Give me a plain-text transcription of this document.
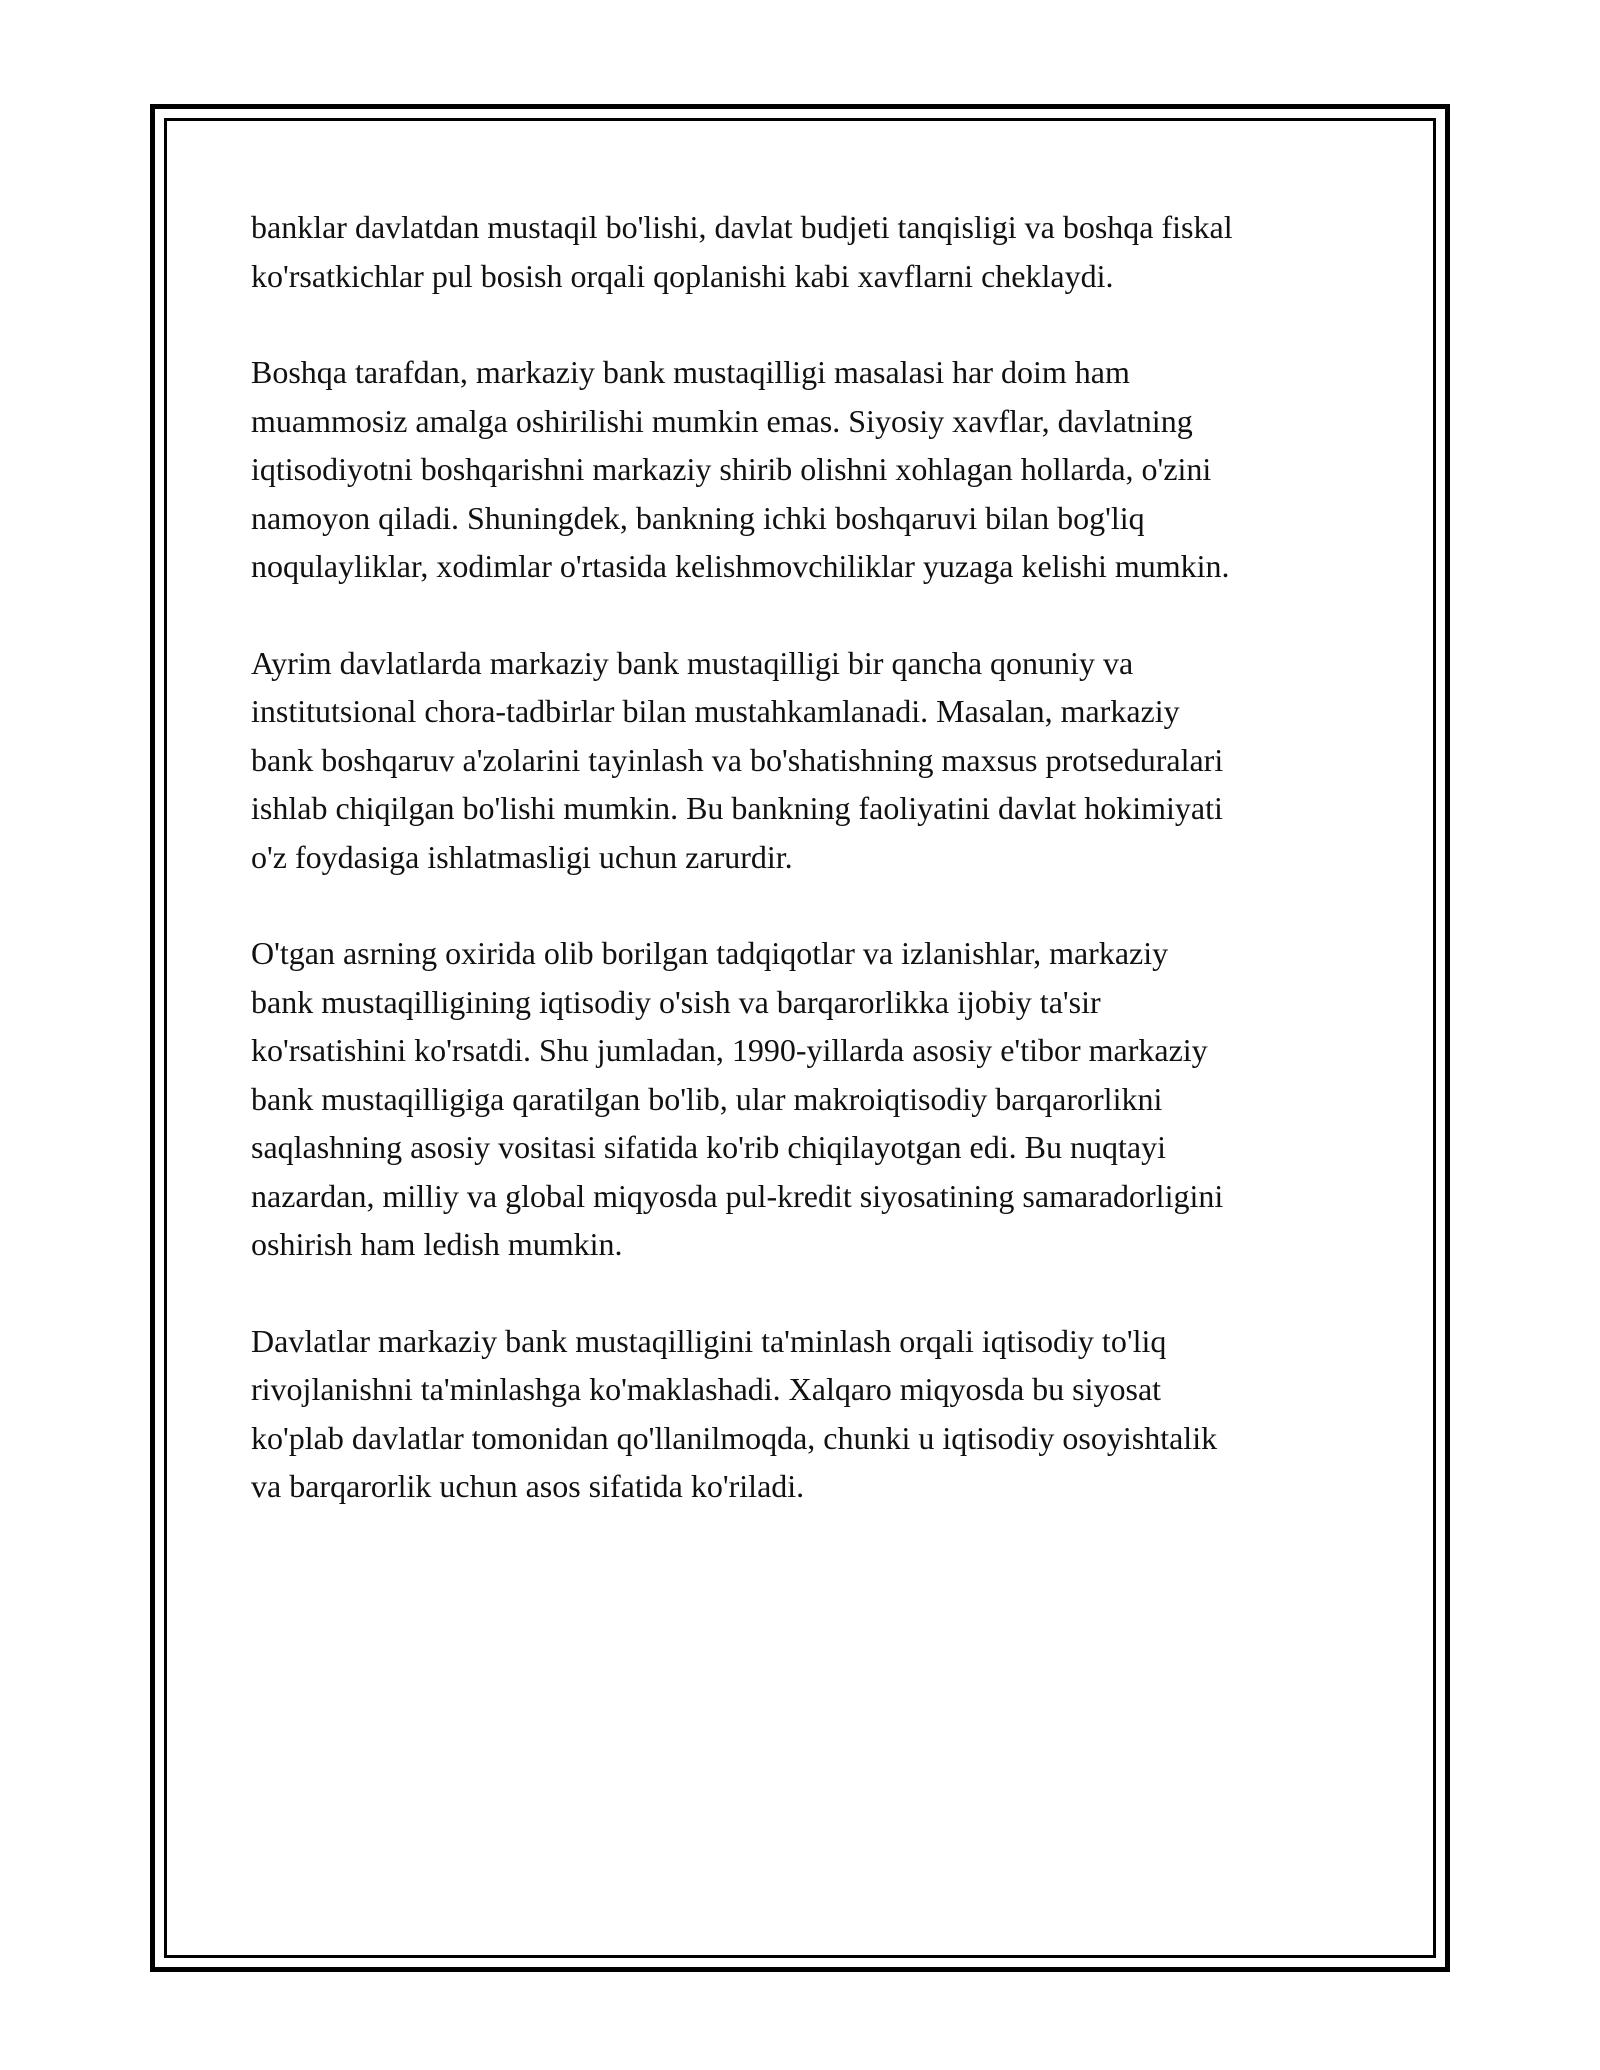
banklar davlatdan mustaqil bo'lishi, davlat budjeti tanqisligi va boshqa fiskal
ko'rsatkichlar pul bosish orqali qoplanishi kabi xavflarni cheklaydi.

Boshqa tarafdan, markaziy bank mustaqilligi masalasi har doim ham
muammosiz amalga oshirilishi mumkin emas. Siyosiy xavflar, davlatning
iqtisodiyotni boshqarishni markaziy shirib olishni xohlagan hollarda, o'zini
namoyon qiladi. Shuningdek, bankning ichki boshqaruvi bilan bog'liq
noqulayliklar, xodimlar o'rtasida kelishmovchiliklar yuzaga kelishi mumkin.

Ayrim davlatlarda markaziy bank mustaqilligi bir qancha qonuniy va
institutsional chora-tadbirlar bilan mustahkamlanadi. Masalan, markaziy
bank boshqaruv a'zolarini tayinlash va bo'shatishning maxsus protseduralari
ishlab chiqilgan bo'lishi mumkin. Bu bankning faoliyatini davlat hokimiyati
o'z foydasiga ishlatmasligi uchun zarurdir.

O'tgan asrning oxirida olib borilgan tadqiqotlar va izlanishlar, markaziy
bank mustaqilligining iqtisodiy o'sish va barqarorlikka ijobiy ta'sir
ko'rsatishini ko'rsatdi. Shu jumladan, 1990-yillarda asosiy e'tibor markaziy
bank mustaqilligiga qaratilgan bo'lib, ular makroiqtisodiy barqarorlikni
saqlashning asosiy vositasi sifatida ko'rib chiqilayotgan edi. Bu nuqtayi
nazardan, milliy va global miqyosda pul-kredit siyosatining samaradorligini
oshirish ham ledish mumkin.

Davlatlar markaziy bank mustaqilligini ta'minlash orqali iqtisodiy to'liq
rivojlanishni ta'minlashga ko'maklashadi. Xalqaro miqyosda bu siyosat
ko'plab davlatlar tomonidan qo'llanilmoqda, chunki u iqtisodiy osoyishtalik
va barqarorlik uchun asos sifatida ko'riladi.
